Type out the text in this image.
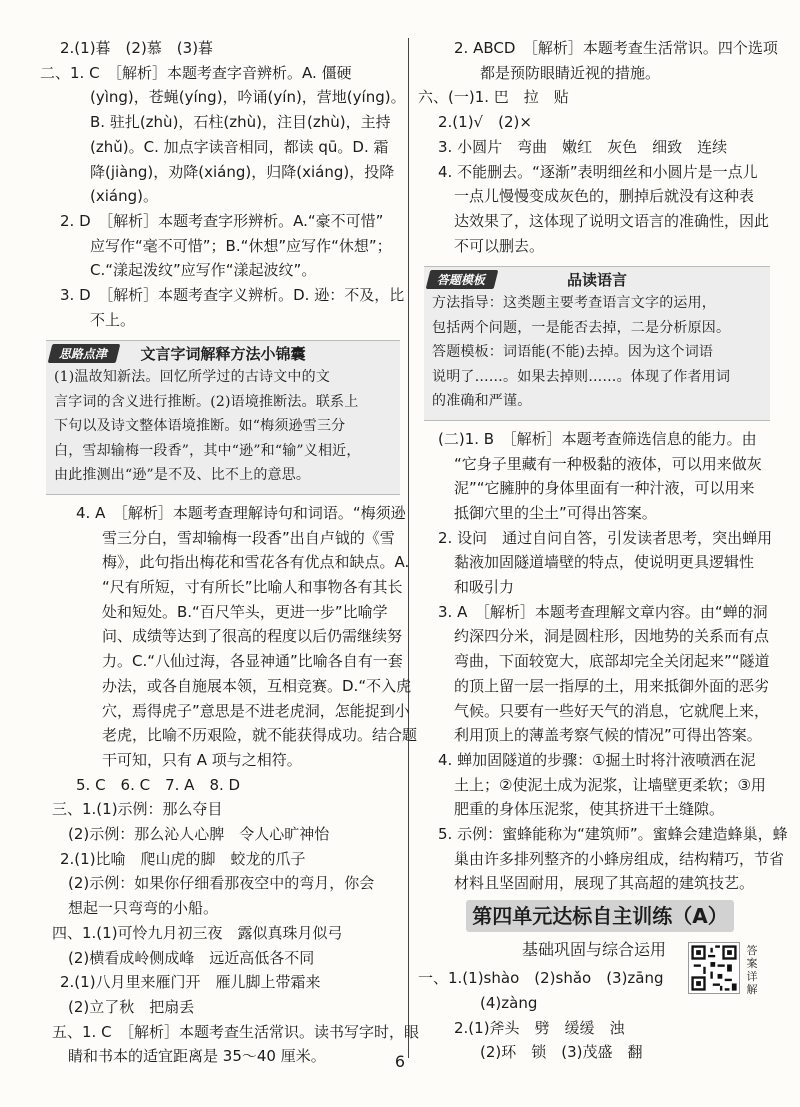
2.(1)暮　(2)慕　(3)暮
二、1. C　［解析］本题考查字音辨析。A. 僵硬
(yìng)，苍蝇(yíng)，吟诵(yín)，营地(yíng)。
B. 驻扎(zhù)，石柱(zhù)，注目(zhù)，主持
(zhǔ)。C. 加点字读音相同，都读 qū。D. 霜
降(jiàng)，劝降(xiáng)，归降(xiáng)，投降
(xiáng)。
2. D　［解析］本题考查字形辨析。A.“豪不可惜”
应写作“毫不可惜”；B.“休想”应写作“休想”；
C.“漾起泼纹”应写作“漾起波纹”。
3. D　［解析］本题考查字义辨析。D. 逊：不及，比
不上。
思路点津	文言字词解释方法小锦囊
(1)温故知新法。回忆所学过的古诗文中的文
言字词的含义进行推断。(2)语境推断法。联系上
下句以及诗文整体语境推断。如“梅须逊雪三分
白，雪却输梅一段香”，其中“逊”和“输”义相近，
由此推测出“逊”是不及、比不上的意思。
4. A　［解析］本题考查理解诗句和词语。“梅须逊
雪三分白，雪却输梅一段香”出自卢钺的《雪
梅》，此句指出梅花和雪花各有优点和缺点。A.
“尺有所短，寸有所长”比喻人和事物各有其长
处和短处。B.“百尺竿头，更进一步”比喻学
问、成绩等达到了很高的程度以后仍需继续努
力。C.“八仙过海，各显神通”比喻各自有一套
办法，或各自施展本领，互相竞赛。D.“不入虎
穴，焉得虎子”意思是不进老虎洞，怎能捉到小
老虎，比喻不历艰险，就不能获得成功。结合题
干可知，只有 A 项与之相符。
5. C　6. C　7. A　8. D
三、1.(1)示例：那么夺目
(2)示例：那么沁人心脾　令人心旷神怡
2.(1)比喻　爬山虎的脚　蛟龙的爪子
(2)示例：如果你仔细看那夜空中的弯月，你会
想起一只弯弯的小船。
四、1.(1)可怜九月初三夜　露似真珠月似弓
(2)横看成岭侧成峰　远近高低各不同
2.(1)八月里来雁门开　雁儿脚上带霜来
(2)立了秋　把扇丢
五、1. C　［解析］本题考查生活常识。读书写字时，眼
睛和书本的适宜距离是 35～40 厘米。
2. ABCD　［解析］本题考查生活常识。四个选项
都是预防眼睛近视的措施。
六、(一)1. 巴　拉　贴
2.(1)√　(2)×
3. 小圆片　弯曲　嫩红　灰色　细致　连续
4. 不能删去。“逐渐”表明细丝和小圆片是一点儿
一点儿慢慢变成灰色的，删掉后就没有这种表
达效果了，这体现了说明文语言的准确性，因此
不可以删去。
答题模板	品读语言
方法指导：这类题主要考查语言文字的运用，
包括两个问题，一是能否去掉，二是分析原因。
答题模板：词语能(不能)去掉。因为这个词语
说明了……。如果去掉则……。体现了作者用词
的准确和严谨。
(二)1. B　［解析］本题考查筛选信息的能力。由
“它身子里藏有一种极黏的液体，可以用来做灰
泥”“它臃肿的身体里面有一种汁液，可以用来
抵御穴里的尘土”可得出答案。
2. 设问　通过自问自答，引发读者思考，突出蝉用
黏液加固隧道墙壁的特点，使说明更具逻辑性
和吸引力
3. A　［解析］本题考查理解文章内容。由“蝉的洞
约深四分米，洞是圆柱形，因地势的关系而有点
弯曲，下面较宽大，底部却完全关闭起来”“隧道
的顶上留一层一指厚的土，用来抵御外面的恶劣
气候。只要有一些好天气的消息，它就爬上来，
利用顶上的薄盖考察气候的情况”可得出答案。
4. 蝉加固隧道的步骤：①掘土时将汁液喷洒在泥
土上；②使泥土成为泥浆，让墙壁更柔软；③用
肥重的身体压泥浆，使其挤进干土缝隙。
5. 示例：蜜蜂能称为“建筑师”。蜜蜂会建造蜂巢，蜂
巢由许多排列整齐的小蜂房组成，结构精巧，节省
材料且坚固耐用，展现了其高超的建筑技艺。
第四单元达标自主训练（A）
基础巩固与综合运用
一、1.(1)shào　(2)shǎo　(3)zāng
(4)zàng
2.(1)斧头　劈　缓缓　浊
(2)环　锁　(3)茂盛　翻
答案详解
6
